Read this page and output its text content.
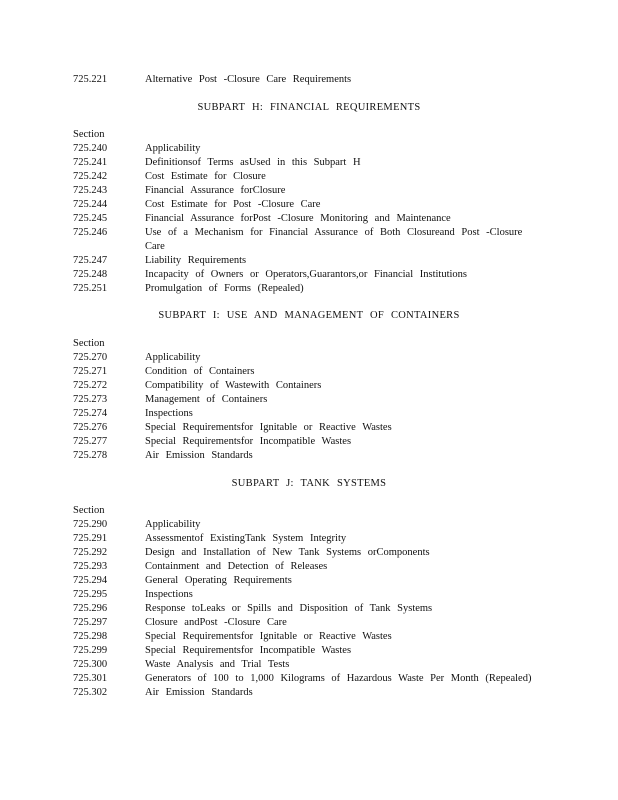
725.221	Alternative Post -Closure Care Requirements
SUBPART H: FINANCIAL REQUIREMENTS
Section
725.240	Applicability
725.241	Definitionsof Terms asUsed in this Subpart H
725.242	Cost Estimate for Closure
725.243	Financial Assurance forClosure
725.244	Cost Estimate for Post -Closure Care
725.245	Financial Assurance forPost -Closure Monitoring and Maintenance
725.246	Use of a Mechanism for Financial Assurance of Both Closureand Post -Closure
Care
725.247	Liability Requirements
725.248	Incapacity of Owners or Operators,Guarantors,or Financial Institutions
725.251	Promulgation of Forms (Repealed)
SUBPART I: USE AND MANAGEMENT OF CONTAINERS
Section
725.270	Applicability
725.271	Condition of Containers
725.272	Compatibility of Wastewith Containers
725.273	Management of Containers
725.274	Inspections
725.276	Special Requirementsfor Ignitable or Reactive Wastes
725.277	Special Requirementsfor Incompatible Wastes
725.278	Air Emission Standards
SUBPART J: TANK SYSTEMS
Section
725.290	Applicability
725.291	Assessmentof ExistingTank System Integrity
725.292	Design and Installation of New Tank Systems orComponents
725.293	Containment and Detection of Releases
725.294	General Operating Requirements
725.295	Inspections
725.296	Response toLeaks or Spills and Disposition of Tank Systems
725.297	Closure andPost -Closure Care
725.298	Special Requirementsfor Ignitable or Reactive Wastes
725.299	Special Requirementsfor Incompatible Wastes
725.300	Waste Analysis and Trial Tests
725.301	Generators of 100 to 1,000 Kilograms of Hazardous Waste Per Month (Repealed)
725.302	Air Emission Standards
